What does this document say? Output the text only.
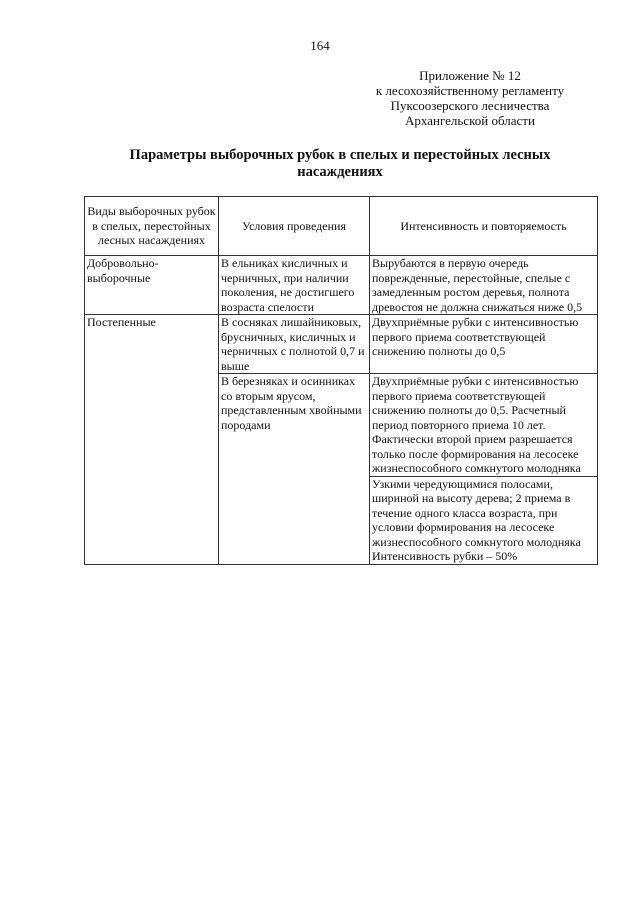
164
Приложение № 12
к лесохозяйственному регламенту
Пуксоозерского лесничества
Архангельской области
Параметры выборочных рубок в спелых и перестойных лесных
насаждениях
Виды выборочных рубок в спелых, перестойных лесных насаждениях	Условия проведения	Интенсивность и повторяемость
Добровольно-выборочные	В ельниках кисличных и черничных, при наличии поколения, не достигшего возраста спелости	Вырубаются в первую очередь поврежденные, перестойные, спелые с замедленным ростом деревья, полнота древостоя не должна снижаться ниже 0,5
Постепенные	В сосняках лишайниковых, брусничных, кисличных и черничных с полнотой 0,7 и выше	Двухприёмные рубки с интенсивностью первого приема соответствующей снижению полноты до 0,5
	В березняках и осинниках со вторым ярусом, представленным хвойными породами	Двухприёмные рубки с интенсивностью первого приема соответствующей снижению полноты до 0,5. Расчетный период повторного приема 10 лет. Фактически второй прием разрешается только после формирования на лесосеке жизнеспособного сомкнутого молодняка

		Узкими чередующимися полосами, шириной на высоту дерева; 2 приема в течение одного класса возраста, при условии формирования на лесосеке жизнеспособного сомкнутого молодняка
Интенсивность рубки – 50%
